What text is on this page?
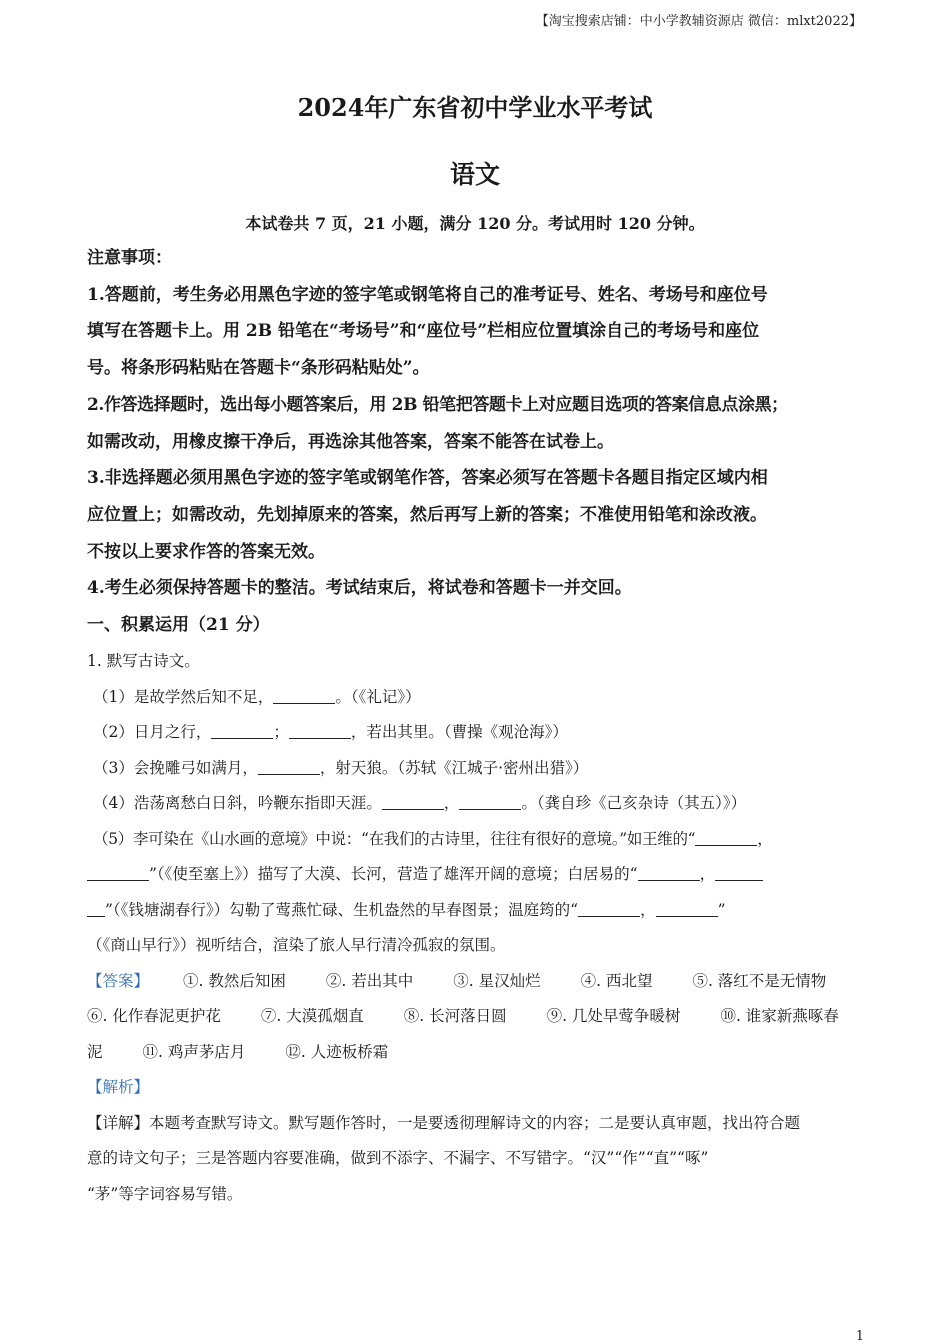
【淘宝搜索店铺：中小学教辅资源店 微信：mlxt2022】
2024年广东省初中学业水平考试
语文
本试卷共 7 页，21 小题，满分 120 分。考试用时 120 分钟。

注意事项：

1.答题前，考生务必用黑色字迹的签字笔或钢笔将自己的准考证号、姓名、考场号和座位号

填写在答题卡上。用 2B 铅笔在“考场号”和“座位号”栏相应位置填涂自己的考场号和座位

号。将条形码粘贴在答题卡“条形码粘贴处”。

2.作答选择题时，选出每小题答案后，用 2B 铅笔把答题卡上对应题目选项的答案信息点涂黑；

如需改动，用橡皮擦干净后，再选涂其他答案，答案不能答在试卷上。

3.非选择题必须用黑色字迹的签字笔或钢笔作答，答案必须写在答题卡各题目指定区域内相

应位置上；如需改动，先划掉原来的答案，然后再写上新的答案；不准使用铅笔和涂改液。

不按以上要求作答的答案无效。

4.考生必须保持答题卡的整洁。考试结束后，将试卷和答题卡一并交回。

一、积累运用（21 分）

1. 默写古诗文。

（1）是故学然后知不足，	。（《礼记》）

（2）日月之行，	；	，若出其里。（曹操《观沧海》）

（3）会挽雕弓如满月，	，射天狼。（苏轼《江城子·密州出猎》）

（4）浩荡离愁白日斜，吟鞭东指即天涯。	，	。（龚自珍《己亥杂诗（其五）》）

（5）李可染在《山水画的意境》中说：“在我们的古诗里，往往有很好的意境。”如王维的“	，

”（《使至塞上》）描写了大漠、长河，营造了雄浑开阔的意境；白居易的“	，

”（《钱塘湖春行》）勾勒了莺燕忙碌、生机盎然的早春图景；温庭筠的“	，	”

（《商山早行》）视听结合，渲染了旅人早行清冷孤寂的氛围。

【答案】 ①. 教然后知困	②. 若出其中	③. 星汉灿烂	④. 西北望	⑤. 落红不是无情物

⑥. 化作春泥更护花	⑦. 大漠孤烟直	⑧. 长河落日圆	⑨. 几处早莺争暖树	⑩. 谁家新燕啄春

泥	⑪. 鸡声茅店月	⑫. 人迹板桥霜

【解析】

【详解】本题考查默写诗文。默写题作答时，一是要透彻理解诗文的内容；二是要认真审题，找出符合题

意的诗文句子；三是答题内容要准确，做到不添字、不漏字、不写错字。“汉”“作”“直”“啄”

“茅”等字词容易写错。

1
